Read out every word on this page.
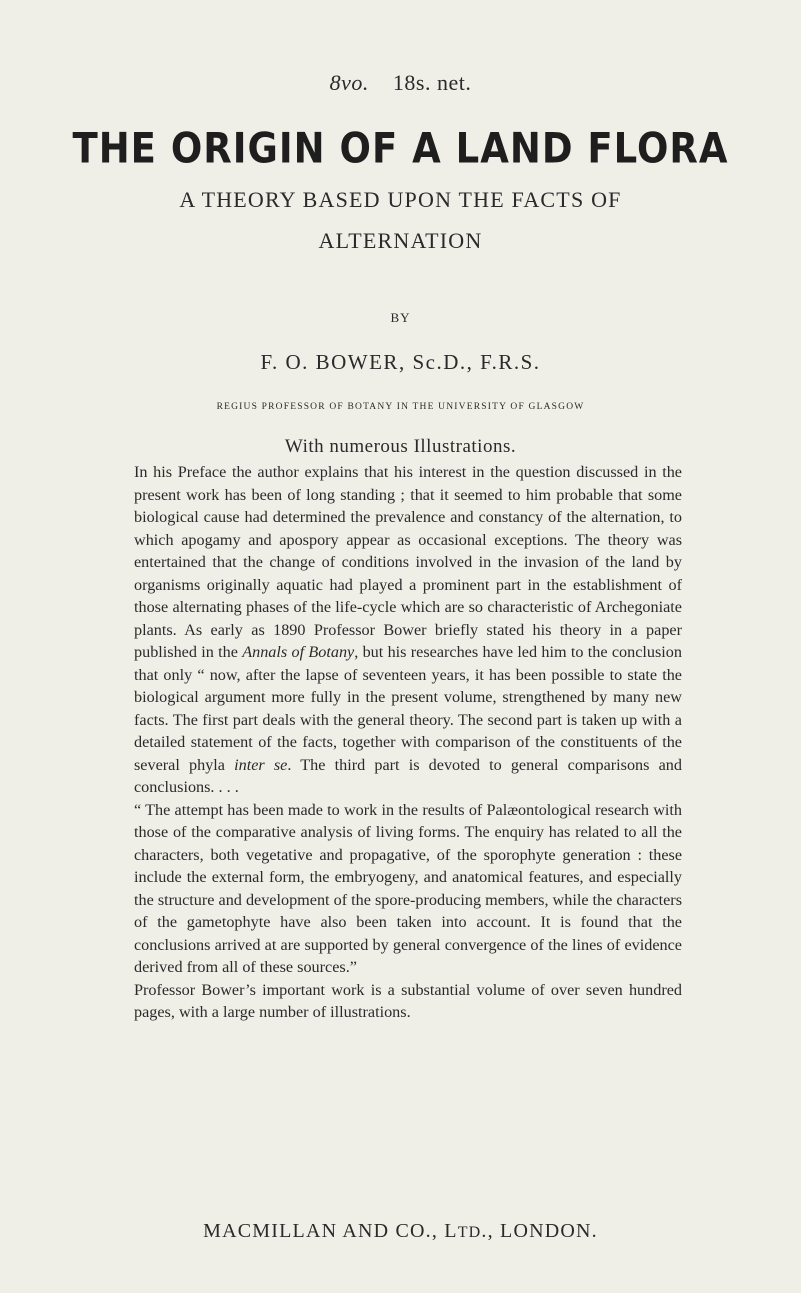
8vo. 18s. net.
THE ORIGIN OF A LAND FLORA
A THEORY BASED UPON THE FACTS OF
ALTERNATION
BY
F. O. BOWER, Sc.D., F.R.S.
REGIUS PROFESSOR OF BOTANY IN THE UNIVERSITY OF GLASGOW
With numerous Illustrations.

In his Preface the author explains that his interest in the question discussed in the present work has been of long standing ; that it seemed to him probable that some biological cause had determined the prevalence and constancy of the alternation, to which apogamy and apospory appear as occasional exceptions. The theory was entertained that the change of conditions involved in the invasion of the land by organisms originally aquatic had played a prominent part in the establishment of those alternating phases of the life-cycle which are so characteristic of Archegoniate plants. As early as 1890 Professor Bower briefly stated his theory in a paper published in the Annals of Botany, but his researches have led him to the conclusion that only “ now, after the lapse of seventeen years, it has been possible to state the biological argument more fully in the present volume, strengthened by many new facts. The first part deals with the general theory. The second part is taken up with a detailed statement of the facts, together with comparison of the constituents of the several phyla inter se. The third part is devoted to general comparisons and conclusions. . . .

“ The attempt has been made to work in the results of Palæontological research with those of the comparative analysis of living forms. The enquiry has related to all the characters, both vegetative and propagative, of the sporophyte generation : these include the external form, the embryogeny, and anatomical features, and especially the structure and development of the spore-producing members, while the characters of the gametophyte have also been taken into account. It is found that the conclusions arrived at are supported by general convergence of the lines of evidence derived from all of these sources.”

Professor Bower’s important work is a substantial volume of over seven hundred pages, with a large number of illustrations.

MACMILLAN AND CO., LTD., LONDON.
